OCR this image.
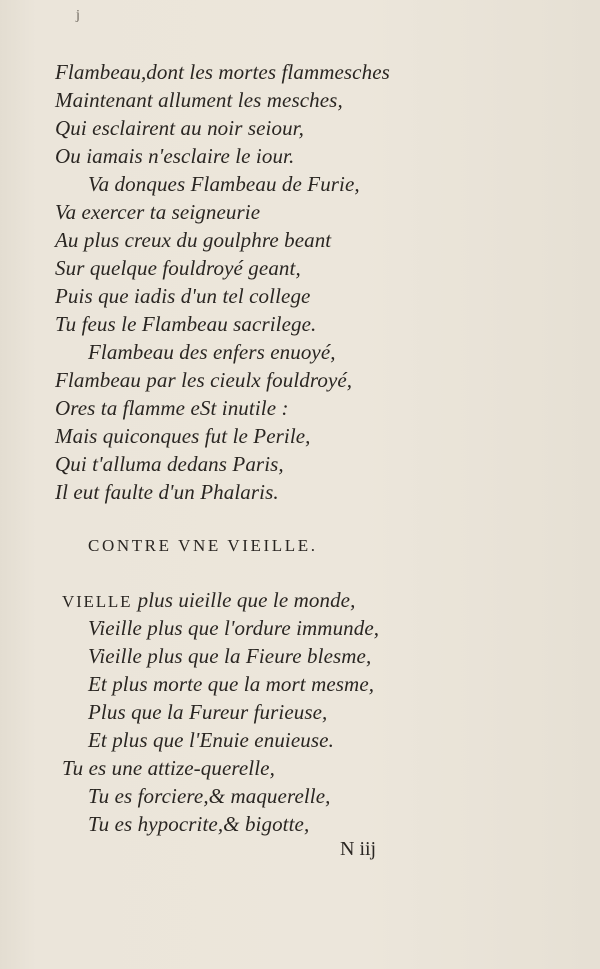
j
Flambeau,dont les mortes flammesches
Maintenant allument les mesches,
Qui esclairent au noir seiour,
Ou iamais n'esclaire le iour.
Va donques Flambeau de Furie,
Va exercer ta seigneurie
Au plus creux du goulphre beant
Sur quelque fouldroyé geant,
Puis que iadis d'un tel college
Tu feus le Flambeau sacrilege.
Flambeau des enfers enuoyé,
Flambeau par les cieulx fouldroyé,
Ores ta flamme eSt inutile :
Mais quiconques fut le Perile,
Qui t'alluma dedans Paris,
Il eut faulte d'un Phalaris.
CONTRE VNE VIEILLE.
VIELLE plus uieille que le monde,
Vieille plus que l'ordure immunde,
Vieille plus que la Fieure blesme,
Et plus morte que la mort mesme,
Plus que la Fureur furieuse,
Et plus que l'Enuie enuieuse.
Tu es une attize-querelle,
Tu es forciere,& maquerelle,
Tu es hypocrite,& bigotte,
N iij
